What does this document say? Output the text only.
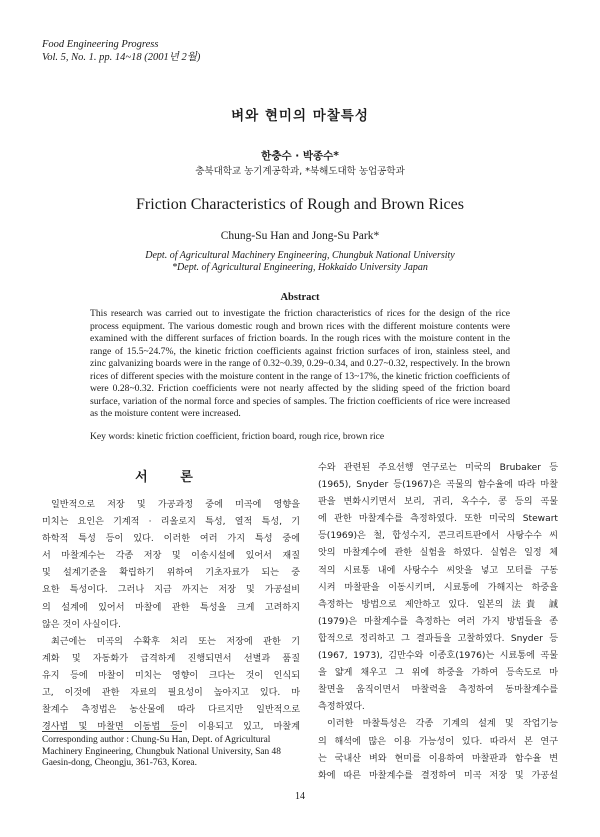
Food Engineering Progress
Vol. 5, No. 1. pp. 14~18 (2001년 2월)
벼와 현미의 마찰특성
한충수 · 박종수*
충북대학교 농기계공학과, *북해도대학 농업공학과
Friction Characteristics of Rough and Brown Rices
Chung-Su Han and Jong-Su Park*
Dept. of Agricultural Machinery Engineering, Chungbuk National University
*Dept. of Agricultural Engineering, Hokkaido University Japan
Abstract

This research was carried out to investigate the friction characteristics of rices for the design of the rice process equipment. The various domestic rough and brown rices with the different moisture contents were examined with the different surfaces of friction boards. In the rough rices with the moisture content in the range of 15.5~24.7%, the kinetic friction coefficients against friction surfaces of iron, stainless steel, and zinc galvanizing boards were in the range of 0.32~0.39, 0.29~0.34, and 0.27~0.32, respectively. In the brown rices of different species with the moisture content in the range of 13~17%, the kinetic friction coefficients of were 0.28~0.32. Friction coefficients were not nearly affected by the sliding speed of the friction board surface, variation of the normal force and species of samples. The friction coefficients of rice were increased as the moisture content were increased.

Key words: kinetic friction coefficient, friction board, rough rice, brown rice
서 론
일반적으로 저장 및 가공과정 중에 미곡에 영향을
미치는 요인은 기계적 · 리올로지 특성, 열적 특성, 기
하학적 특성 등이 있다. 이러한 여러 가지 특성 중에
서 마찰계수는 각종 저장 및 이송시설에 있어서 재질
및 설계기준을 확립하기 위하여 기초자료가 되는 중
요한 특성이다. 그러나 지금 까지는 저장 및 가공설비
의 설계에 있어서 마찰에 관한 특성을 크게 고려하지
않은 것이 사실이다.
최근에는 미곡의 수확후 처리 또는 저장에 관한 기
계화 및 자동화가 급격하게 진행되면서 선별과 품질
유지 등에 마찰이 미치는 영향이 크다는 것이 인식되
고, 이것에 관한 자료의 필요성이 높아지고 있다. 마
찰계수 측정법은 농산물에 따라 다르지만 일반적으로
경사법 및 마찰면 이동법 등이 이용되고 있고, 마찰계
수와 관련된 주요선행 연구로는 미국의 Brubaker 등
(1965), Snyder 등(1967)은 곡물의 함수율에 따라 마찰
판을 변화시키면서 보리, 귀리, 옥수수, 콩 등의 곡물
에 관한 마찰계수를 측정하였다. 또한 미국의 Stewart
등(1969)은 철, 합성수지, 콘크리트판에서 사탕수수 씨
앗의 마찰계수에 관한 실험을 하였다. 실험은 일정 체
적의 시료통 내에 사탕수수 씨앗을 넣고 모터를 구동
시켜 마찰판을 이동시키며, 시료통에 가해지는 하중을
측정하는 방법으로 제안하고 있다. 일본의 法貴 誠
(1979)은 마찰계수를 측정하는 여러 가지 방법들을 종
합적으로 정리하고 그 결과들을 고찰하였다. Snyder 등
(1967, 1973), 김만수와 이종호(1976)는 시료통에 곡물
을 얇게 채우고 그 위에 하중을 가하여 등속도로 마
찰면을 움직이면서 마찰력을 측정하여 동마찰계수를
측정하였다.
이러한 마찰특성은 각종 기계의 설계 및 작업기능
의 해석에 많은 이용 가능성이 있다. 따라서 본 연구
는 국내산 벼와 현미를 이용하여 마찰판과 함수율 변
화에 따른 마찰계수를 결정하여 미곡 저장 및 가공설
Corresponding author : Chung-Su Han, Dept. of Agricultural
Machinery Engineering, Chungbuk National University, San 48
Gaesin-dong, Cheongju, 361-763, Korea.
14
